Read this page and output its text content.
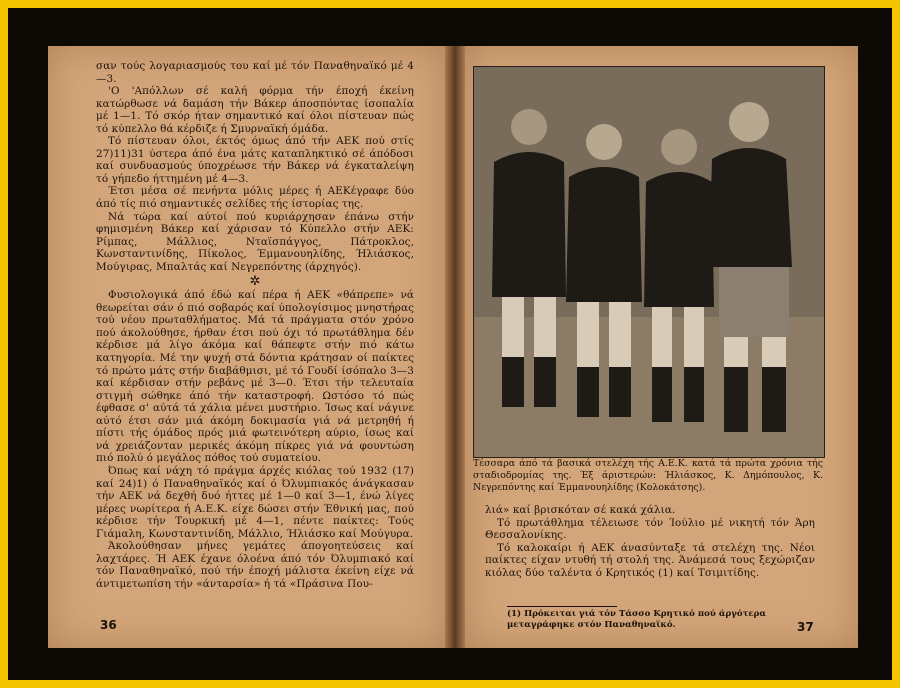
σαν τούς λογαριασμούς του καί μέ τόν Παναθηναϊκό μέ 4—3.

'Ο 'Απόλλων σέ καλή φόρμα τήν έποχή έκείνη κατώρθωσε νά δαμάση τήν Βάκερ άποσπόντας ίσοπαλία μέ 1—1. Τό σκόρ ήταν σημαντικό καί όλοι πίστευαν πώς τό κύπελλο θά κέρδιζε ή Σμυρναϊκή όμάδα.

Τό πίστευαν όλοι, έκτός όμως άπό τήν ΑΕΚ πού στίς 27)11)31 ύστερα άπό ένα μάτς καταπληκτικό σέ άπόδοσι καί συνδυασμούς ύποχρέωσε τήν Βάκερ νά έγκαταλείψη τό γήπεδο ήττημένη μέ 4—3.

Έτσι μέσα σέ πενήντα μόλις μέρες ή ΑΕΚέγραφε δύο άπό τίς πιό σημαντικές σελίδες τής ίστορίας της.

Νά τώρα καί αύτοί πού κυριάρχησαν έπάνω στήν φημισμένη Βάκερ καί χάρισαν τό Κύπελλο στήν ΑΕΚ: Ρίμπας, Μάλλιος, Νταϊσπάγγος, Πάτροκλος, Κωνσταντινίδης, Πίκολος, Έμμανουηλίδης, Ήλιάσκος, Μούγιρας, Μπαλτάς καί Νεγρεπόντης (άρχηγός).

✲

Φυσιολογικά άπό έδώ καί πέρα ή ΑΕΚ «θάπρεπε» νά θεωρείται σάν ό πιό σοβαρός καί ύπολογίσιμος μνηστήρας τού νέου πρωταθλήματος. Μά τά πράγματα στόν χρόνο πού άκολούθησε, ήρθαν έτσι πού όχι τό πρωτάθλημα δέν κέρδισε μά λίγο άκόμα καί θάπεφτε στήν πιό κάτω κατηγορία. Μέ την ψυχή στά δόντια κράτησαν οί παίκτες τό πρώτο μάτς στήν διαβάθμισι, μέ τό Γουδί ίσόπαλο 3—3 καί κέρδισαν στήν ρεβάνς μέ 3—0. Έτσι τήν τελευταία στιγμή σώθηκε άπό τήν καταστροφή. Ωστόσο τό πώς έφθασε σ' αύτά τά χάλια μένει μυστήριο. Ίσως καί νάγινε αύτό έτσι σάν μιά άκόμη δοκιμασία γιά νά μετρηθή ή πίστι τής όμάδος πρός μιά φωτεινότερη αύριο, ίσως καί νά χρειάζονταν μερικές άκόμη πίκρες γιά νά φουντώση πιό πολύ ό μεγάλος πόθος τού συματείου.

Όπως καί νάχη τό πράγμα άρχές κιόλας τού 1932 (17) καί 24)1) ό Παναθηναϊκός καί ό Όλυμπιακός άνάγκασαν τήν ΑΕΚ νά δεχθή δυό ήττες μέ 1—0 καί 3—1, ένώ λίγες μέρες νωρίτερα ή Α.Ε.Κ. είχε δώσει στήν Έθνική μας, πού κέρδισε τήν Τουρκική μέ 4—1, πέντε παίκτες: Τούς Γιάμαλη, Κωνσταντινίδη, Μάλλιο, Ήλιάσκο καί Μούγυρα.

Άκολούθησαν μήνες γεμάτες άπογοητεύσεις καί λαχτάρες. Ή ΑΕΚ έχανε όλοένα άπό τόν Όλυμπιακό καί τόν Παναθηναϊκό, πού τήν έποχή μάλιστα έκείνη είχε νά άντιμετωπίση τήν «άνταρσία» ή τά «Πράσινα Που-

36
Τέσσαρα άπό τά βασικά στελέχη τής Α.Ε.Κ. κατά τά πρώτα χρόνια τής σταδιοδρομίας της. Έξ άριστερών: Ήλιάσκος, Κ. Δημόπουλος, Κ. Νεγρεπόντης καί Έμμανουηλίδης (Κολοκάτσης).

λιά» καί βρισκόταν σέ κακά χάλια.

Τό πρωτάθλημα τέλειωσε τόν Ίούλιο μέ νικητή τόν Άρη Θεσσαλονίκης.

Τό καλοκαίρι ή ΑΕΚ άνασύνταξε τά στελέχη της. Νέοι παίκτες είχαν ντυθή τή στολή της. Άνάμεσά τους ξεχώριζαν κιόλας δύο ταλέντα ό Κρητικός (1) καί Τσιμιτίδης.

(1) Πρόκειται γιά τόν Τάσσο Κρητικό πού άργότερα μεταγράφηκε στόν Παναθηναϊκό.	37
